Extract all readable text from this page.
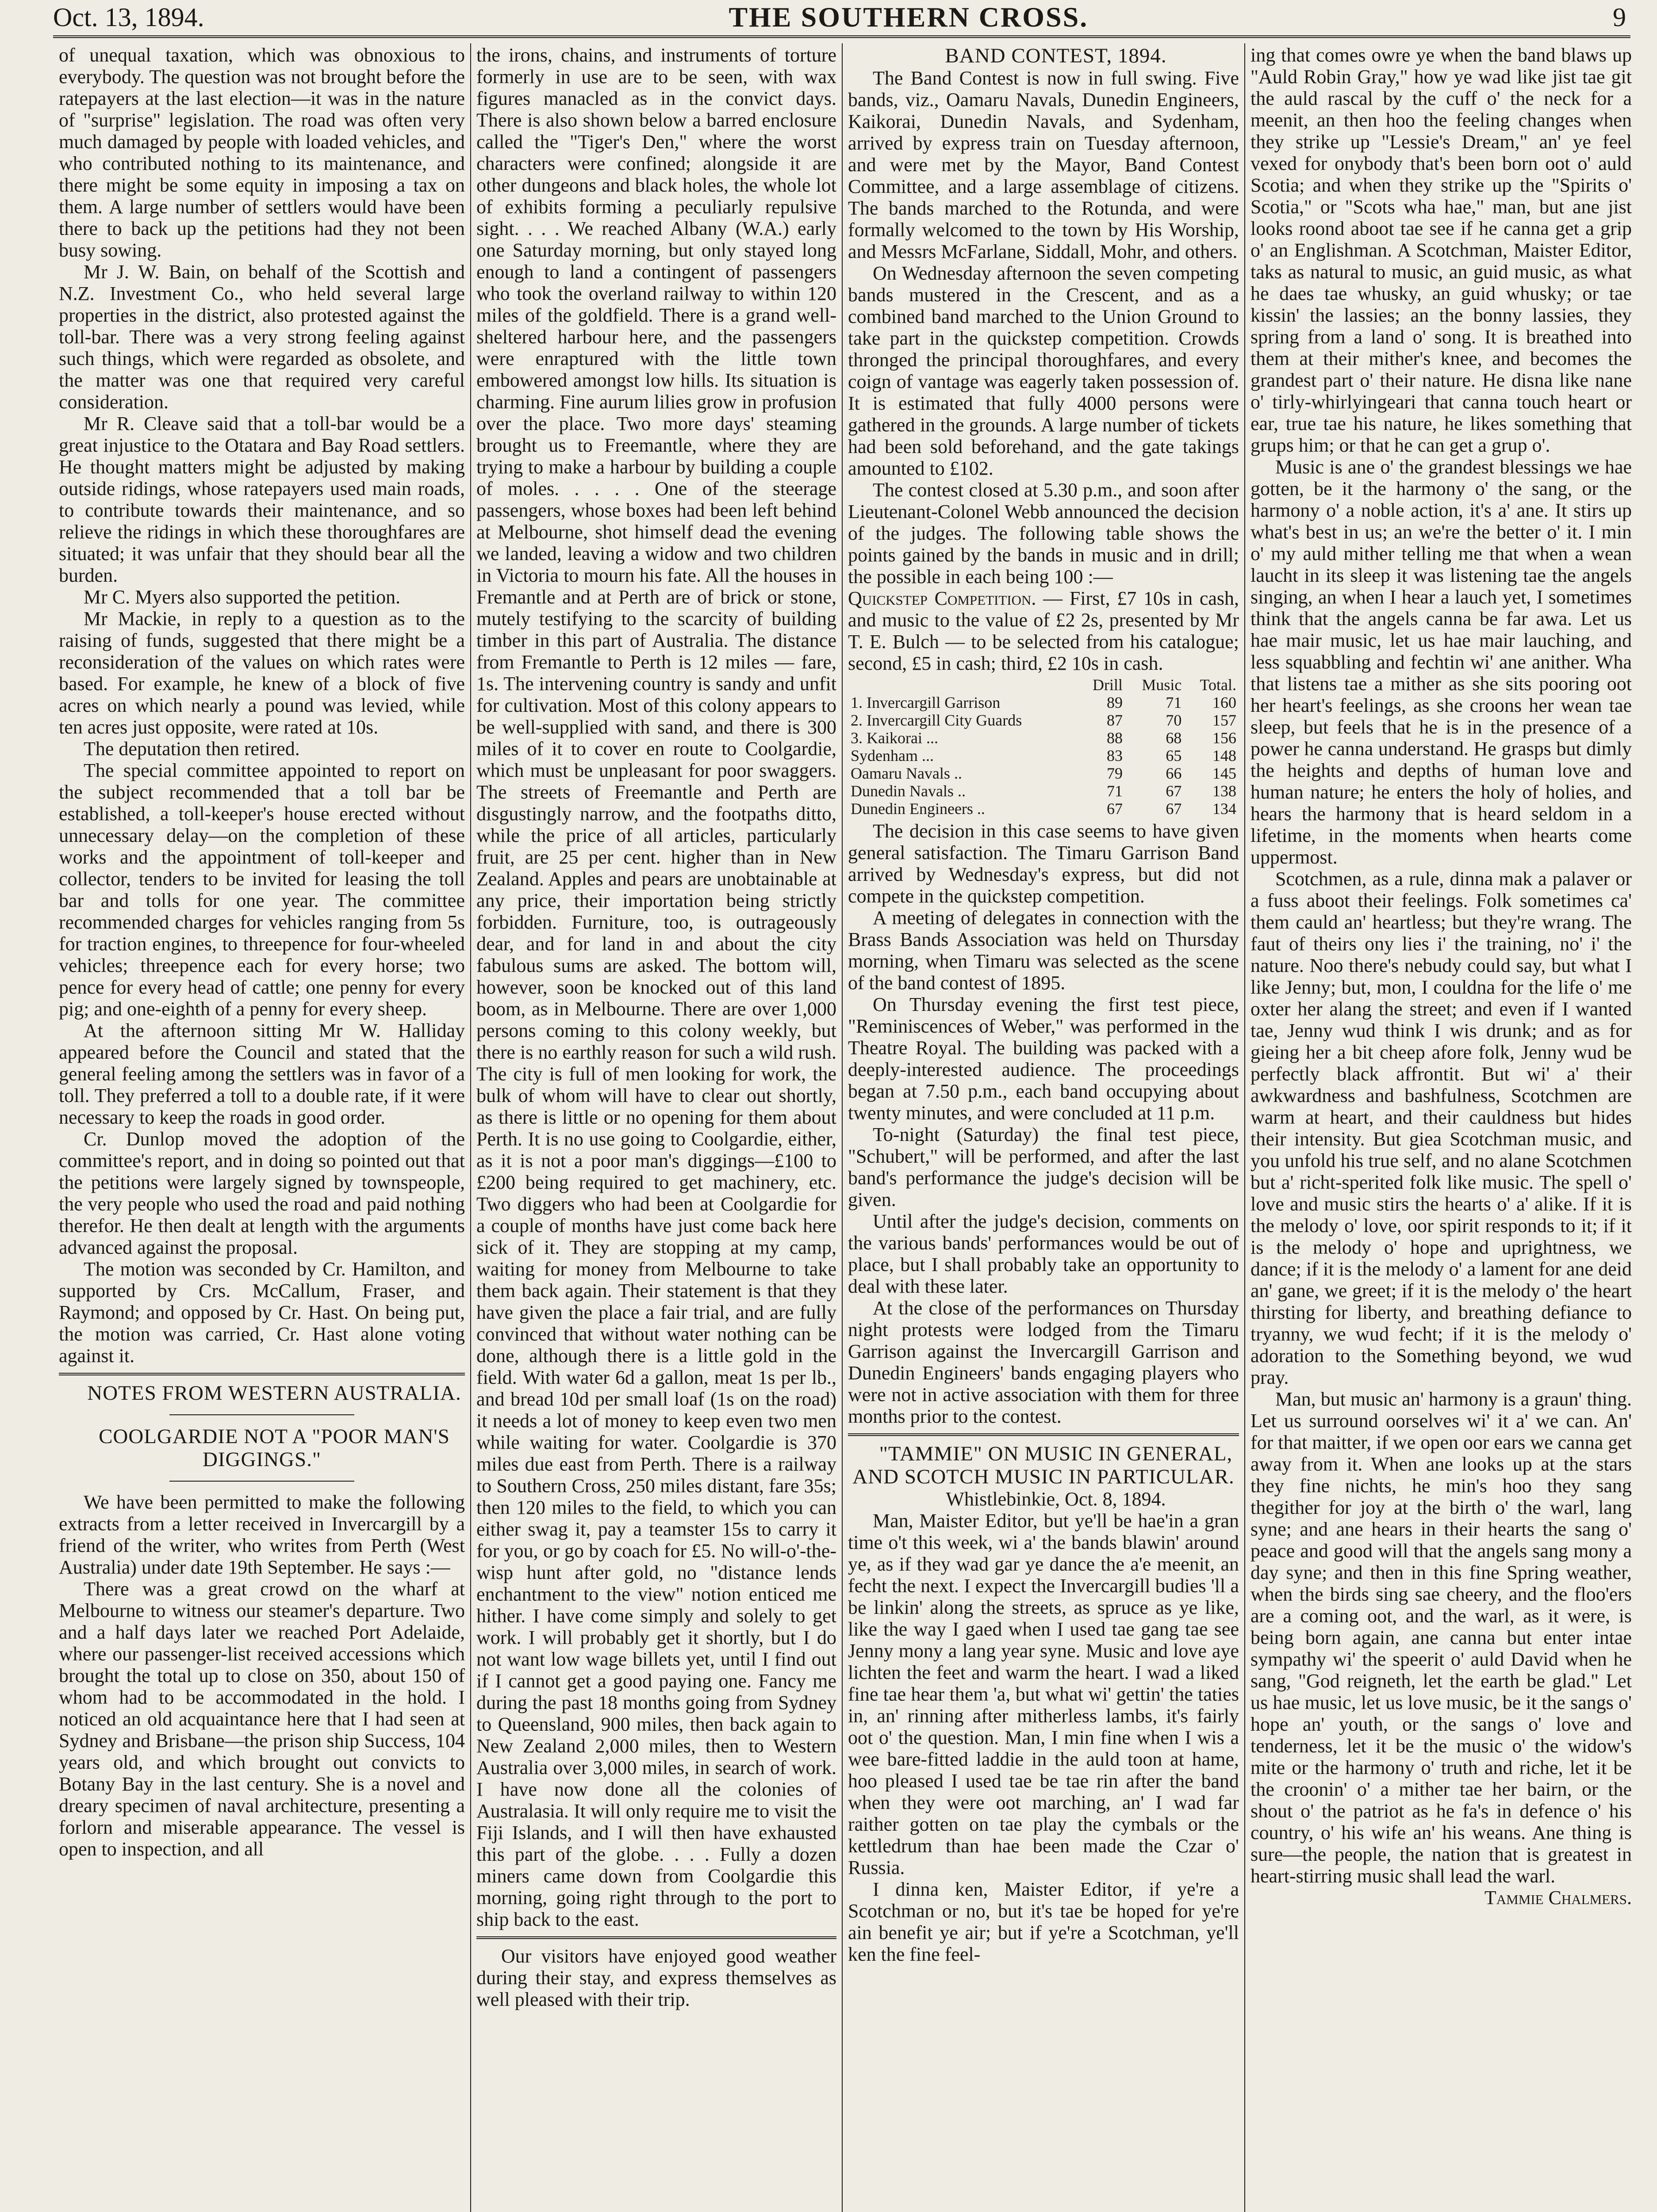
Oct. 13, 1894.	THE SOUTHERN CROSS.	9

of unequal taxation, which was obnoxious to everybody. The question was not brought before the ratepayers at the last election—it was in the nature of "surprise" legislation. The road was often very much damaged by people with loaded vehicles, and who contributed nothing to its maintenance, and there might be some equity in imposing a tax on them. A large number of settlers would have been there to back up the petitions had they not been busy sowing.

Mr J. W. Bain, on behalf of the Scottish and N.Z. Investment Co., who held several large properties in the district, also protested against the toll-bar. There was a very strong feeling against such things, which were regarded as obsolete, and the matter was one that required very careful consideration.

Mr R. Cleave said that a toll-bar would be a great injustice to the Otatara and Bay Road settlers. He thought matters might be adjusted by making outside ridings, whose ratepayers used main roads, to contribute towards their maintenance, and so relieve the ridings in which these thoroughfares are situated; it was unfair that they should bear all the burden.

Mr C. Myers also supported the petition.

Mr Mackie, in reply to a question as to the raising of funds, suggested that there might be a reconsideration of the values on which rates were based. For example, he knew of a block of five acres on which nearly a pound was levied, while ten acres just opposite, were rated at 10s.

The deputation then retired.

The special committee appointed to report on the subject recommended that a toll bar be established, a toll-keeper's house erected without unnecessary delay—on the completion of these works and the appointment of toll-keeper and collector, tenders to be invited for leasing the toll bar and tolls for one year. The committee recommended charges for vehicles ranging from 5s for traction engines, to threepence for four-wheeled vehicles; threepence each for every horse; two pence for every head of cattle; one penny for every pig; and one-eighth of a penny for every sheep.

At the afternoon sitting Mr W. Halliday appeared before the Council and stated that the general feeling among the settlers was in favor of a toll. They preferred a toll to a double rate, if it were necessary to keep the roads in good order.

Cr. Dunlop moved the adoption of the committee's report, and in doing so pointed out that the petitions were largely signed by townspeople, the very people who used the road and paid nothing therefor. He then dealt at length with the arguments advanced against the proposal.

The motion was seconded by Cr. Hamilton, and supported by Crs. McCallum, Fraser, and Raymond; and opposed by Cr. Hast. On being put, the motion was carried, Cr. Hast alone voting against it.

NOTES FROM WESTERN AUSTRALIA.

COOLGARDIE NOT A "POOR MAN'S DIGGINGS."

We have been permitted to make the following extracts from a letter received in Invercargill by a friend of the writer, who writes from Perth (West Australia) under date 19th September. He says :—

There was a great crowd on the wharf at Melbourne to witness our steamer's departure. Two and a half days later we reached Port Adelaide, where our passenger-list received accessions which brought the total up to close on 350, about 150 of whom had to be accommodated in the hold. I noticed an old acquaintance here that I had seen at Sydney and Brisbane—the prison ship Success, 104 years old, and which brought out convicts to Botany Bay in the last century. She is a novel and dreary specimen of naval architecture, presenting a forlorn and miserable appearance. The vessel is open to inspection, and all

the irons, chains, and instruments of torture formerly in use are to be seen, with wax figures manacled as in the convict days. There is also shown below a barred enclosure called the "Tiger's Den," where the worst characters were confined; alongside it are other dungeons and black holes, the whole lot of exhibits forming a peculiarly repulsive sight. . . . We reached Albany (W.A.) early one Saturday morning, but only stayed long enough to land a contingent of passengers who took the overland railway to within 120 miles of the goldfield. There is a grand well-sheltered harbour here, and the passengers were enraptured with the little town embowered amongst low hills. Its situation is charming. Fine aurum lilies grow in profusion over the place. Two more days' steaming brought us to Freemantle, where they are trying to make a harbour by building a couple of moles. . . . . One of the steerage passengers, whose boxes had been left behind at Melbourne, shot himself dead the evening we landed, leaving a widow and two children in Victoria to mourn his fate. All the houses in Fremantle and at Perth are of brick or stone, mutely testifying to the scarcity of building timber in this part of Australia. The distance from Fremantle to Perth is 12 miles — fare, 1s. The intervening country is sandy and unfit for cultivation. Most of this colony appears to be well-supplied with sand, and there is 300 miles of it to cover en route to Coolgardie, which must be unpleasant for poor swaggers. The streets of Freemantle and Perth are disgustingly narrow, and the footpaths ditto, while the price of all articles, particularly fruit, are 25 per cent. higher than in New Zealand. Apples and pears are unobtainable at any price, their importation being strictly forbidden. Furniture, too, is outrageously dear, and for land in and about the city fabulous sums are asked. The bottom will, however, soon be knocked out of this land boom, as in Melbourne. There are over 1,000 persons coming to this colony weekly, but there is no earthly reason for such a wild rush. The city is full of men looking for work, the bulk of whom will have to clear out shortly, as there is little or no opening for them about Perth. It is no use going to Coolgardie, either, as it is not a poor man's diggings—£100 to £200 being required to get machinery, etc. Two diggers who had been at Coolgardie for a couple of months have just come back here sick of it. They are stopping at my camp, waiting for money from Melbourne to take them back again. Their statement is that they have given the place a fair trial, and are fully convinced that without water nothing can be done, although there is a little gold in the field. With water 6d a gallon, meat 1s per lb., and bread 10d per small loaf (1s on the road) it needs a lot of money to keep even two men while waiting for water. Coolgardie is 370 miles due east from Perth. There is a railway to Southern Cross, 250 miles distant, fare 35s; then 120 miles to the field, to which you can either swag it, pay a teamster 15s to carry it for you, or go by coach for £5. No will-o'-the-wisp hunt after gold, no "distance lends enchantment to the view" notion enticed me hither. I have come simply and solely to get work. I will probably get it shortly, but I do not want low wage billets yet, until I find out if I cannot get a good paying one. Fancy me during the past 18 months going from Sydney to Queensland, 900 miles, then back again to New Zealand 2,000 miles, then to Western Australia over 3,000 miles, in search of work. I have now done all the colonies of Australasia. It will only require me to visit the Fiji Islands, and I will then have exhausted this part of the globe. . . . Fully a dozen miners came down from Coolgardie this morning, going right through to the port to ship back to the east.

Our visitors have enjoyed good weather during their stay, and express themselves as well pleased with their trip.

BAND CONTEST, 1894.

The Band Contest is now in full swing. Five bands, viz., Oamaru Navals, Dunedin Engineers, Kaikorai, Dunedin Navals, and Sydenham, arrived by express train on Tuesday afternoon, and were met by the Mayor, Band Contest Committee, and a large assemblage of citizens. The bands marched to the Rotunda, and were formally welcomed to the town by His Worship, and Messrs McFarlane, Siddall, Mohr, and others.

On Wednesday afternoon the seven competing bands mustered in the Crescent, and as a combined band marched to the Union Ground to take part in the quickstep competition. Crowds thronged the principal thoroughfares, and every coign of vantage was eagerly taken possession of. It is estimated that fully 4000 persons were gathered in the grounds. A large number of tickets had been sold beforehand, and the gate takings amounted to £102.

The contest closed at 5.30 p.m., and soon after Lieutenant-Colonel Webb announced the decision of the judges. The following table shows the points gained by the bands in music and in drill; the possible in each being 100 :—

Quickstep Competition. — First, £7 10s in cash, and music to the value of £2 2s, presented by Mr T. E. Bulch — to be selected from his catalogue; second, £5 in cash; third, £2 10s in cash.

	Drill	Music	Total.
1. Invercargill Garrison	89	71	160
2. Invercargill City Guards	87	70	157
3. Kaikorai ...	88	68	156
Sydenham ...	83	65	148
Oamaru Navals ..	79	66	145
Dunedin Navals ..	71	67	138
Dunedin Engineers ..	67	67	134

The decision in this case seems to have given general satisfaction. The Timaru Garrison Band arrived by Wednesday's express, but did not compete in the quickstep competition.

A meeting of delegates in connection with the Brass Bands Association was held on Thursday morning, when Timaru was selected as the scene of the band contest of 1895.

On Thursday evening the first test piece, "Reminiscences of Weber," was performed in the Theatre Royal. The building was packed with a deeply-interested audience. The proceedings began at 7.50 p.m., each band occupying about twenty minutes, and were concluded at 11 p.m.

To-night (Saturday) the final test piece, "Schubert," will be performed, and after the last band's performance the judge's decision will be given.

Until after the judge's decision, comments on the various bands' performances would be out of place, but I shall probably take an opportunity to deal with these later.

At the close of the performances on Thursday night protests were lodged from the Timaru Garrison against the Invercargill Garrison and Dunedin Engineers' bands engaging players who were not in active association with them for three months prior to the contest.

"TAMMIE" ON MUSIC IN GENERAL, AND SCOTCH MUSIC IN PARTICULAR.

Whistlebinkie, Oct. 8, 1894.

Man, Maister Editor, but ye'll be hae'in a gran time o't this week, wi a' the bands blawin' around ye, as if they wad gar ye dance the a'e meenit, an fecht the next. I expect the Invercargill budies 'll a be linkin' along the streets, as spruce as ye like, like the way I gaed when I used tae gang tae see Jenny mony a lang year syne. Music and love aye lichten the feet and warm the heart. I wad a liked fine tae hear them 'a, but what wi' gettin' the taties in, an' rinning after mitherless lambs, it's fairly oot o' the question. Man, I min fine when I wis a wee bare-fitted laddie in the auld toon at hame, hoo pleased I used tae be tae rin after the band when they were oot marching, an' I wad far raither gotten on tae play the cymbals or the kettledrum than hae been made the Czar o' Russia.

I dinna ken, Maister Editor, if ye're a Scotchman or no, but it's tae be hoped for ye're ain benefit ye air; but if ye're a Scotchman, ye'll ken the fine feel-

ing that comes owre ye when the band blaws up "Auld Robin Gray," how ye wad like jist tae git the auld rascal by the cuff o' the neck for a meenit, an then hoo the feeling changes when they strike up "Lessie's Dream," an' ye feel vexed for onybody that's been born oot o' auld Scotia; and when they strike up the "Spirits o' Scotia," or "Scots wha hae," man, but ane jist looks roond aboot tae see if he canna get a grip o' an Englishman. A Scotchman, Maister Editor, taks as natural to music, an guid music, as what he daes tae whusky, an guid whusky; or tae kissin' the lassies; an the bonny lassies, they spring from a land o' song. It is breathed into them at their mither's knee, and becomes the grandest part o' their nature. He disna like nane o' tirly-whirlyingeari that canna touch heart or ear, true tae his nature, he likes something that grups him; or that he can get a grup o'.

Music is ane o' the grandest blessings we hae gotten, be it the harmony o' the sang, or the harmony o' a noble action, it's a' ane. It stirs up what's best in us; an we're the better o' it. I min o' my auld mither telling me that when a wean laucht in its sleep it was listening tae the angels singing, an when I hear a lauch yet, I sometimes think that the angels canna be far awa. Let us hae mair music, let us hae mair lauching, and less squabbling and fechtin wi' ane anither. Wha that listens tae a mither as she sits pooring oot her heart's feelings, as she croons her wean tae sleep, but feels that he is in the presence of a power he canna understand. He grasps but dimly the heights and depths of human love and human nature; he enters the holy of holies, and hears the harmony that is heard seldom in a lifetime, in the moments when hearts come uppermost.

Scotchmen, as a rule, dinna mak a palaver or a fuss aboot their feelings. Folk sometimes ca' them cauld an' heartless; but they're wrang. The faut of theirs ony lies i' the training, no' i' the nature. Noo there's nebudy could say, but what I like Jenny; but, mon, I couldna for the life o' me oxter her alang the street; and even if I wanted tae, Jenny wud think I wis drunk; and as for gieing her a bit cheep afore folk, Jenny wud be perfectly black affrontit. But wi' a' their awkwardness and bashfulness, Scotchmen are warm at heart, and their cauldness but hides their intensity. But giea Scotchman music, and you unfold his true self, and no alane Scotchmen but a' richt-sperited folk like music. The spell o' love and music stirs the hearts o' a' alike. If it is the melody o' love, oor spirit responds to it; if it is the melody o' hope and uprightness, we dance; if it is the melody o' a lament for ane deid an' gane, we greet; if it is the melody o' the heart thirsting for liberty, and breathing defiance to tryanny, we wud fecht; if it is the melody o' adoration to the Something beyond, we wud pray.

Man, but music an' harmony is a graun' thing. Let us surround oorselves wi' it a' we can. An' for that maitter, if we open oor ears we canna get away from it. When ane looks up at the stars they fine nichts, he min's hoo they sang thegither for joy at the birth o' the warl, lang syne; and ane hears in their hearts the sang o' peace and good will that the angels sang mony a day syne; and then in this fine Spring weather, when the birds sing sae cheery, and the floo'ers are a coming oot, and the warl, as it were, is being born again, ane canna but enter intae sympathy wi' the speerit o' auld David when he sang, "God reigneth, let the earth be glad." Let us hae music, let us love music, be it the sangs o' hope an' youth, or the sangs o' love and tenderness, let it be the music o' the widow's mite or the harmony o' truth and riche, let it be the croonin' o' a mither tae her bairn, or the shout o' the patriot as he fa's in defence o' his country, o' his wife an' his weans. Ane thing is sure—the people, the nation that is greatest in heart-stirring music shall lead the warl.

Tammie Chalmers.
